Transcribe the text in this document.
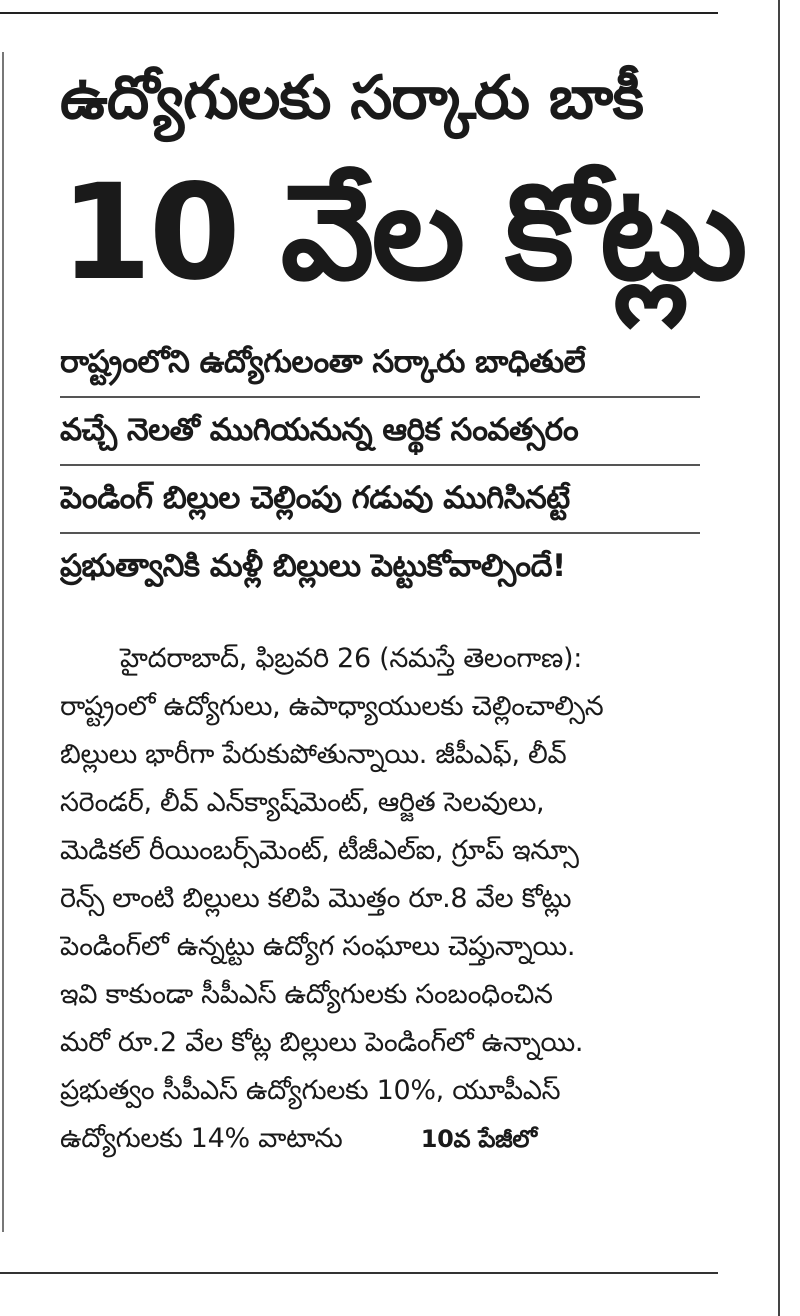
ఉద్యోగులకు సర్కారు బాకీ
10 వేల కోట్లు
రాష్ట్రంలోని ఉద్యోగులంతా సర్కారు బాధితులే
వచ్చే నెలతో ముగియనున్న ఆర్థిక సంవత్సరం
పెండింగ్ బిల్లుల చెల్లింపు గడువు ముగిసినట్టే
ప్రభుత్వానికి మళ్లీ బిల్లులు పెట్టుకోవాల్సిందే!
హైదరాబాద్, ఫిబ్రవరి 26 (నమస్తే తెలంగాణ):
రాష్ట్రంలో ఉద్యోగులు, ఉపాధ్యాయులకు చెల్లించాల్సిన
బిల్లులు భారీగా పేరుకుపోతున్నాయి. జీపీఎఫ్, లీవ్
సరెండర్, లీవ్ ఎన్‌క్యాష్‌మెంట్, ఆర్జిత సెలవులు,
మెడికల్ రీయింబర్స్‌మెంట్, టీజీఎల్ఐ, గ్రూప్ ఇన్సూ
రెన్స్ లాంటి బిల్లులు కలిపి మొత్తం రూ.8 వేల కోట్లు
పెండింగ్‌లో ఉన్నట్టు ఉద్యోగ సంఘాలు చెప్తున్నాయి.
ఇవి కాకుండా సీపీఎస్ ఉద్యోగులకు సంబంధించిన
మరో రూ.2 వేల కోట్ల బిల్లులు పెండింగ్‌లో ఉన్నాయి.
ప్రభుత్వం సీపీఎస్ ఉద్యోగులకు 10%, యూపీఎస్
ఉద్యోగులకు 14% వాటాను	10వ పేజీలో
